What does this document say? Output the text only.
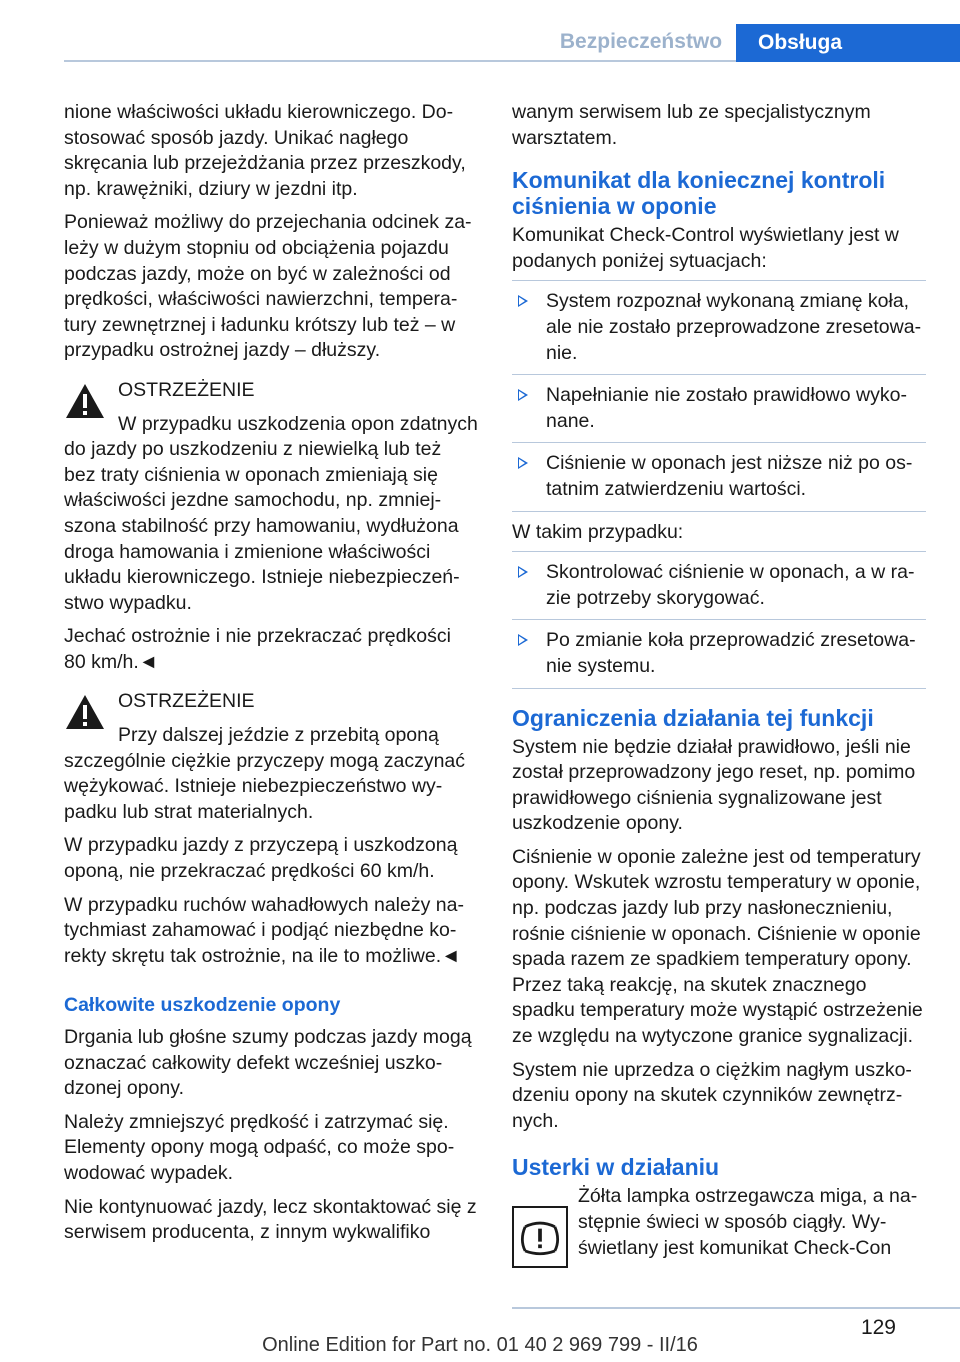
Bezpieczeństwo	Obsługa

nione właściwości układu kierowniczego. Dostosować sposób jazdy. Unikać nagłego skręcania lub przejeżdżania przez przeszkody, np. krawężniki, dziury w jezdni itp.

Ponieważ możliwy do przejechania odcinek zależy w dużym stopniu od obciążenia pojazdu podczas jazdy, może on być w zależności od prędkości, właściwości nawierzchni, temperatury zewnętrznej i ładunku krótszy lub też – w przypadku ostrożnej jazdy – dłuższy.

OSTRZEŻENIE

W przypadku uszkodzenia opon zdatnych do jazdy po uszkodzeniu z niewielką lub też bez traty ciśnienia w oponach zmieniają się właściwości jezdne samochodu, np. zmniejszona stabilność przy hamowaniu, wydłużona droga hamowania i zmienione właściwości układu kierowniczego. Istnieje niebezpieczeństwo wypadku.

Jechać ostrożnie i nie przekraczać prędkości 80 km/h.◄

OSTRZEŻENIE

Przy dalszej jeździe z przebitą oponą szczególnie ciężkie przyczepy mogą zaczynać wężykować. Istnieje niebezpieczeństwo wypadku lub strat materialnych.

W przypadku jazdy z przyczepą i uszkodzoną oponą, nie przekraczać prędkości 60 km/h.

W przypadku ruchów wahadłowych należy natychmiast zahamować i podjąć niezbędne korekty skrętu tak ostrożnie, na ile to możliwe.◄

Całkowite uszkodzenie opony

Drgania lub głośne szumy podczas jazdy mogą oznaczać całkowity defekt wcześniej uszkodzonej opony.

Należy zmniejszyć prędkość i zatrzymać się. Elementy opony mogą odpaść, co może spowodować wypadek.

Nie kontynuować jazdy, lecz skontaktować się z serwisem producenta, z innym wykwalifiko

wanym serwisem lub ze specjalistycznym warsztatem.

Komunikat dla koniecznej kontroli ciśnienia w oponie

Komunikat Check-Control wyświetlany jest w podanych poniżej sytuacjach:

System rozpoznał wykonaną zmianę koła, ale nie zostało przeprowadzone zresetowanie.
Napełnianie nie zostało prawidłowo wykonane.
Ciśnienie w oponach jest niższe niż po ostatnim zatwierdzeniu wartości.

W takim przypadku:

Skontrolować ciśnienie w oponach, a w razie potrzeby skorygować.
Po zmianie koła przeprowadzić zresetowanie systemu.
Ograniczenia działania tej funkcji

System nie będzie działał prawidłowo, jeśli nie został przeprowadzony jego reset, np. pomimo prawidłowego ciśnienia sygnalizowane jest uszkodzenie opony.

Ciśnienie w oponie zależne jest od temperatury opony. Wskutek wzrostu temperatury w oponie, np. podczas jazdy lub przy nasłonecznieniu, rośnie ciśnienie w oponach. Ciśnienie w oponie spada razem ze spadkiem temperatury opony. Przez taką reakcję, na skutek znacznego spadku temperatury może wystąpić ostrzeżenie ze względu na wytyczone granice sygnalizacji.

System nie uprzedza o ciężkim nagłym uszkodzeniu opony na skutek czynników zewnętrznych.

Usterki w działaniu

Żółta lampka ostrzegawcza miga, a następnie świeci w sposób ciągły. Wyświetlany jest komunikat Check-Con

129
Online Edition for Part no. 01 40 2 969 799 - II/16
